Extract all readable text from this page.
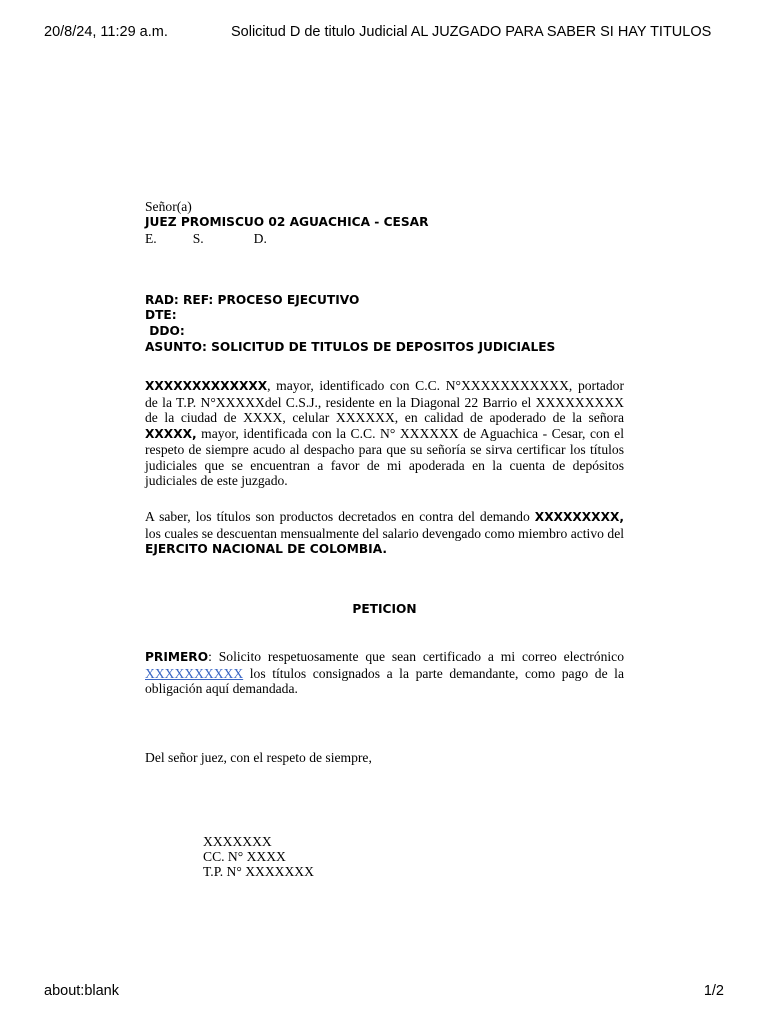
20/8/24, 11:29 a.m.	Solicitud D de titulo Judicial AL JUZGADO PARA SABER SI HAY TITULOS
Señor(a)
JUEZ PROMISCUO 02 AGUACHICA - CESAR
E.	S.	D.
RAD: REF: PROCESO EJECUTIVO
DTE:
DDO:
ASUNTO: SOLICITUD DE TITULOS DE DEPOSITOS JUDICIALES
XXXXXXXXXXXXX, mayor, identificado con C.C. N°XXXXXXXXXXX, portador de la T.P. N°XXXXXdel C.S.J., residente en la Diagonal 22 Barrio el XXXXXXXXX de la ciudad de XXXX, celular XXXXXX, en calidad de apoderado de la señora XXXXX, mayor, identificada con la C.C. N° XXXXXX de Aguachica - Cesar, con el respeto de siempre acudo al despacho para que su señoría se sirva certificar los títulos judiciales que se encuentran a favor de mi apoderada en la cuenta de depósitos judiciales de este juzgado.
A saber, los títulos son productos decretados en contra del demando XXXXXXXXX, los cuales se descuentan mensualmente del salario devengado como miembro activo del EJERCITO NACIONAL DE COLOMBIA.
PETICION
PRIMERO: Solicito respetuosamente que sean certificado a mi correo electrónico XXXXXXXXXX los títulos consignados a la parte demandante, como pago de la obligación aquí demandada.
Del señor juez, con el respeto de siempre,
XXXXXXX
CC. N° XXXX
T.P. N° XXXXXXX
about:blank	1/2
